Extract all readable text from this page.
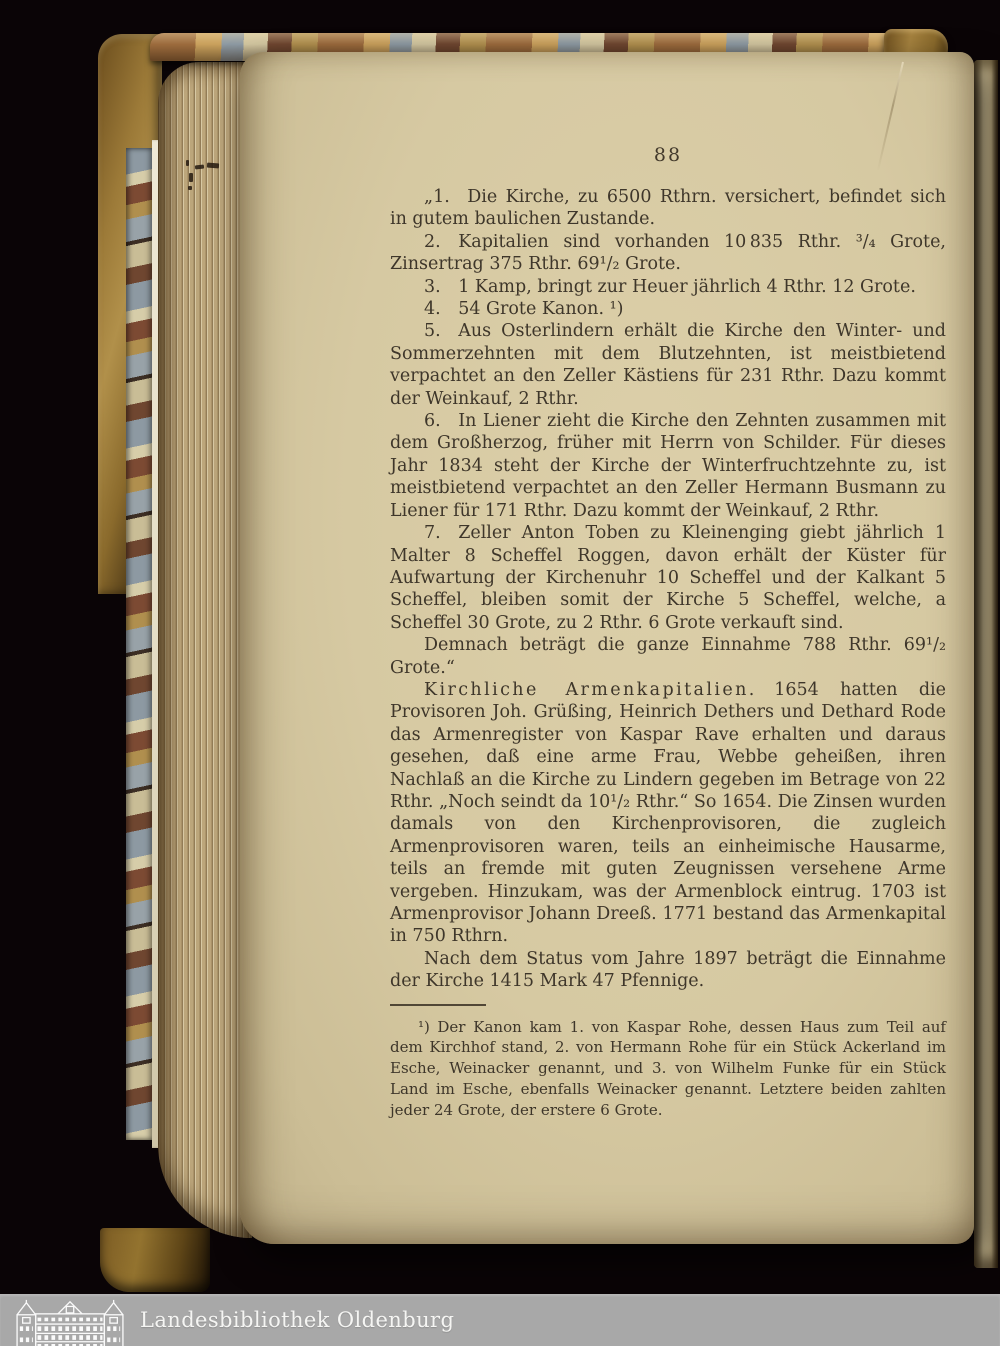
88

„1. Die Kirche, zu 6500 Rthrn. versichert, befindet sich in gutem baulichen Zustande.

2. Kapitalien sind vorhanden 10 835 Rthr. ³/₄ Grote, Zinsertrag 375 Rthr. 69¹/₂ Grote.

3. 1 Kamp, bringt zur Heuer jährlich 4 Rthr. 12 Grote.

4. 54 Grote Kanon. ¹)

5. Aus Osterlindern erhält die Kirche den Winter- und Sommerzehnten mit dem Blutzehnten, ist meistbietend verpachtet an den Zeller Kästiens für 231 Rthr. Dazu kommt der Weinkauf, 2 Rthr.

6. In Liener zieht die Kirche den Zehnten zusammen mit dem Großherzog, früher mit Herrn von Schilder. Für dieses Jahr 1834 steht der Kirche der Winterfruchtzehnte zu, ist meistbietend verpachtet an den Zeller Hermann Busmann zu Liener für 171 Rthr. Dazu kommt der Weinkauf, 2 Rthr.

7. Zeller Anton Toben zu Kleinenging giebt jährlich 1 Malter 8 Scheffel Roggen, davon erhält der Küster für Aufwartung der Kirchenuhr 10 Scheffel und der Kalkant 5 Scheffel, bleiben somit der Kirche 5 Scheffel, welche, a Scheffel 30 Grote, zu 2 Rthr. 6 Grote verkauft sind.

Demnach beträgt die ganze Einnahme 788 Rthr. 69¹/₂ Grote.“

Kirchliche Armenkapitalien. 1654 hatten die Provisoren Joh. Grüßing, Heinrich Dethers und Dethard Rode das Armenregister von Kaspar Rave erhalten und daraus gesehen, daß eine arme Frau, Webbe geheißen, ihren Nachlaß an die Kirche zu Lindern gegeben im Betrage von 22 Rthr. „Noch seindt da 10¹/₂ Rthr.“ So 1654. Die Zinsen wurden damals von den Kirchenprovisoren, die zugleich Armenprovisoren waren, teils an einheimische Hausarme, teils an fremde mit guten Zeugnissen versehene Arme vergeben. Hinzukam, was der Armenblock eintrug. 1703 ist Armenprovisor Johann Dreeß. 1771 bestand das Armenkapital in 750 Rthrn.

Nach dem Status vom Jahre 1897 beträgt die Einnahme der Kirche 1415 Mark 47 Pfennige.

¹) Der Kanon kam 1. von Kaspar Rohe, dessen Haus zum Teil auf dem Kirchhof stand, 2. von Hermann Rohe für ein Stück Ackerland im Esche, Weinacker genannt, und 3. von Wilhelm Funke für ein Stück Land im Esche, ebenfalls Weinacker genannt. Letztere beiden zahlten jeder 24 Grote, der erstere 6 Grote.

Landesbibliothek Oldenburg
